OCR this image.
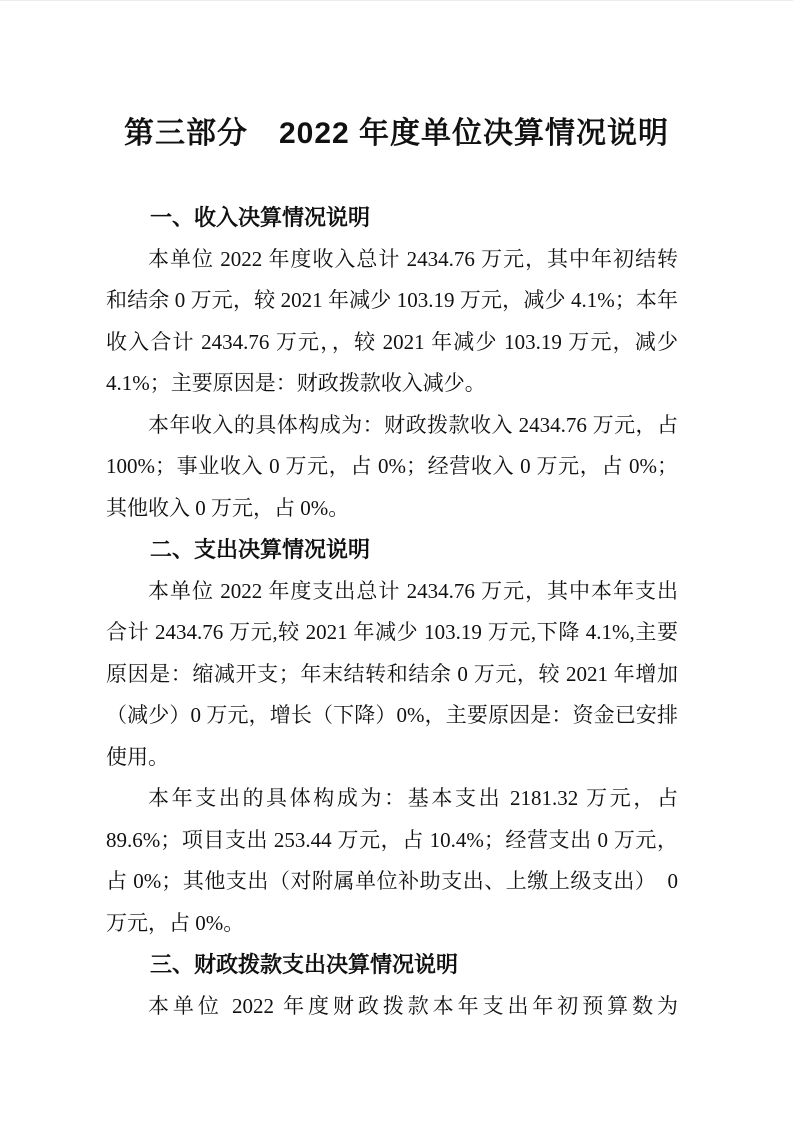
第三部分　2022 年度单位决算情况说明
一、收入决算情况说明

本单位 2022 年度收入总计 2434.76 万元，其中年初结转和结余 0 万元，较 2021 年减少 103.19 万元，减少 4.1%；本年收入合计 2434.76 万元，，较 2021 年减少 103.19 万元，减少 4.1%；主要原因是：财政拨款收入减少。

本年收入的具体构成为：财政拨款收入 2434.76 万元，占 100%；事业收入 0 万元，占 0%；经营收入 0 万元，占 0%；其他收入 0 万元，占 0%。

二、支出决算情况说明

本单位 2022 年度支出总计 2434.76 万元，其中本年支出合计 2434.76 万元,较 2021 年减少 103.19 万元,下降 4.1%,主要原因是：缩减开支；年末结转和结余 0 万元，较 2021 年增加（减少）0 万元，增长（下降）0%，主要原因是：资金已安排使用。

本年支出的具体构成为：基本支出 2181.32 万元，占 89.6%；项目支出 253.44 万元，占 10.4%；经营支出 0 万元，占 0%；其他支出（对附属单位补助支出、上缴上级支出）　0 万元，占 0%。

三、财政拨款支出决算情况说明

本单位 2022 年度财政拨款本年支出年初预算数为
